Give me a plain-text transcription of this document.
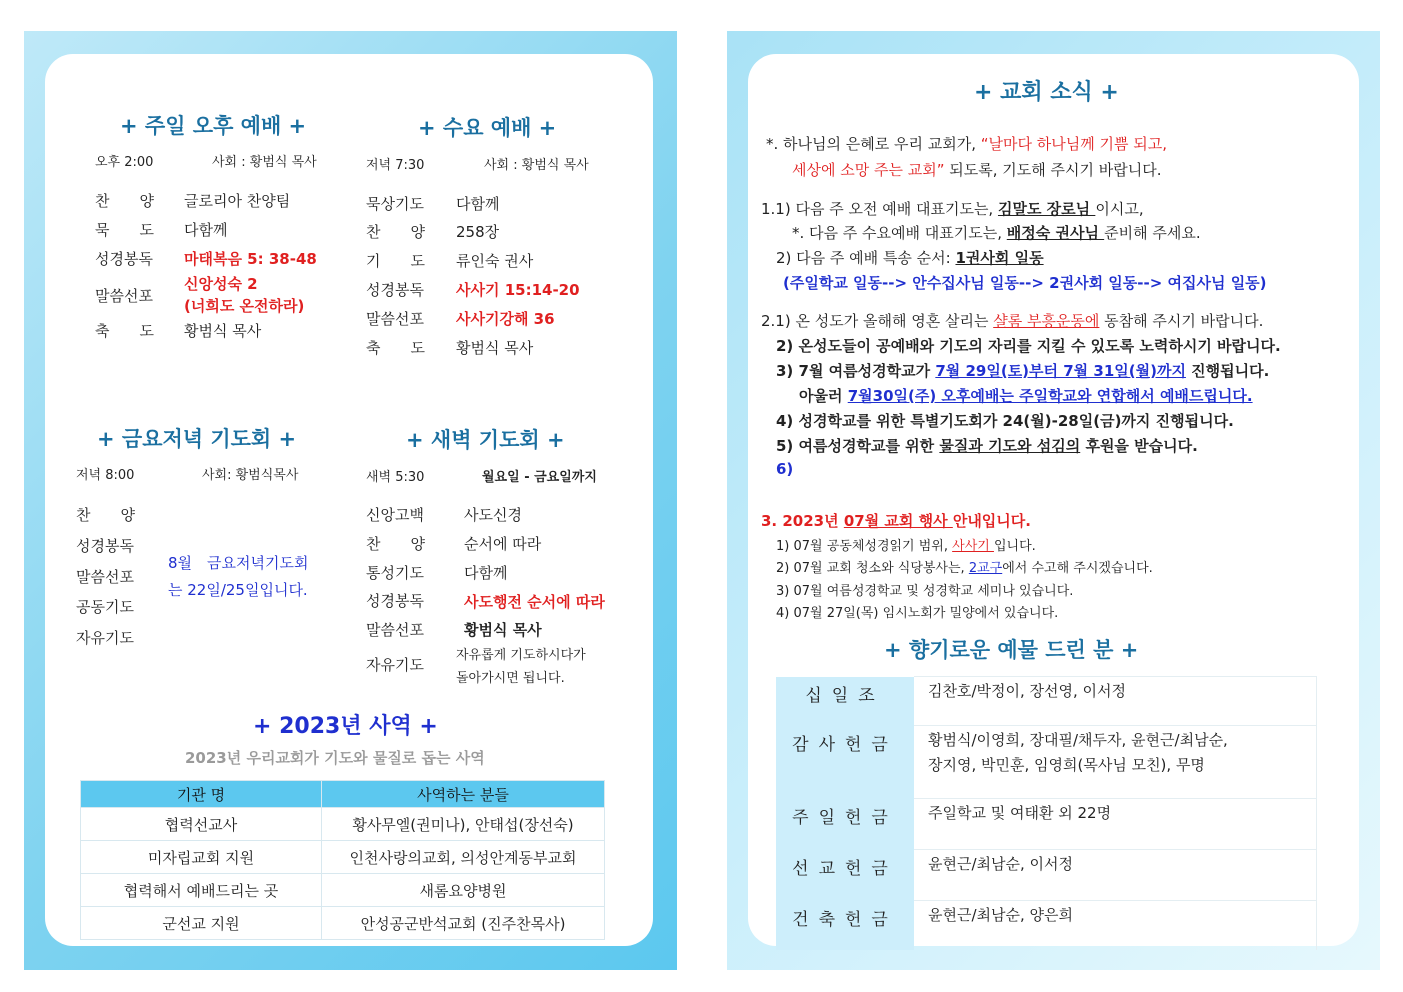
+ 주일 오후 예배 +
오후 2:00	사회 : 황범식 목사
찬　　양 글로리아 찬양팀
묵　　도 다함께
성경봉독 마태복음 5: 38-48
말씀선포
신앙성숙 2
(너희도 온전하라)
축　　도 황범식 목사
+ 수요 예배 +
저녁 7:30	사회 : 황범식 목사
묵상기도 다함께
찬　　양 258장
기　　도 류인숙 권사
성경봉독 사사기 15:14-20
말씀선포 사사기강해 36
축　　도 황범식 목사
+ 금요저녁 기도회 +
저녁 8:00	사회: 황범식목사
찬　　양
성경봉독
말씀선포
공동기도
자유기도
8월　금요저녁기도회
는 22일/25일입니다.
+ 새벽 기도회 +
새벽 5:30	월요일 - 금요일까지
신앙고백	사도신경
찬　　양	순서에 따라
통성기도	다함께
성경봉독	사도행전 순서에 따라
말씀선포	황범식 목사
자유기도
자유롭게 기도하시다가
돌아가시면 됩니다.
+ 2023년 사역 +
2023년 우리교회가 기도와 물질로 돕는 사역
기관 명	사역하는 분들
협력선교사	황사무엘(권미나), 안태섭(장선숙)
미자립교회 지원	인천사랑의교회, 의성안계동부교회
협력해서 예배드리는 곳	새롬요양병원
군선교 지원	안성공군반석교회 (진주찬목사)
+ 교회 소식 +
*. 하나님의 은혜로 우리 교회가, “날마다 하나님께 기쁨 되고,
세상에 소망 주는 교회” 되도록, 기도해 주시기 바랍니다.
1.1) 다음 주 오전 예배 대표기도는, 김말도 장로님 이시고,
*. 다음 주 수요예배 대표기도는, 배정숙 권사님 준비해 주세요.
2) 다음 주 예배 특송 순서: 1권사회 일동
(주일학교 일동--> 안수집사님 일동--> 2권사회 일동--> 여집사님 일동)
2.1) 온 성도가 올해해 영혼 살리는 샬롬 부흥운동에 동참해 주시기 바랍니다.
2) 온성도들이 공예배와 기도의 자리를 지킬 수 있도록 노력하시기 바랍니다.
3) 7월 여름성경학교가 7월 29일(토)부터 7월 31일(월)까지 진행됩니다.
아울러 7월30일(주) 오후예배는 주일학교와 연합해서 예배드립니다.
4) 성경학교를 위한 특별기도회가 24(월)-28일(금)까지 진행됩니다.
5) 여름성경학교를 위한 물질과 기도와 섬김의 후원을 받습니다.
6)
3. 2023년 07월 교회 행사 안내입니다.
1) 07월 공동체성경읽기 범위, 사사기 입니다.
2) 07월 교회 청소와 식당봉사는, 2교구에서 수고해 주시겠습니다.
3) 07월 여름성경학교 및 성경학교 세미나 있습니다.
4) 07월 27일(목) 임시노회가 밀양에서 있습니다.
+ 향기로운 예물 드린 분 +
십일조	김찬호/박정이, 장선영, 이서정

감사헌금	황범식/이영희, 장대필/채두자, 윤현근/최남순,
장지영, 박민훈, 임영희(목사님 모친), 무명

주일헌금	주일학교 및 여태환 외 22명

선교헌금	윤현근/최남순, 이서정

건축헌금	윤현근/최남순, 양은희
